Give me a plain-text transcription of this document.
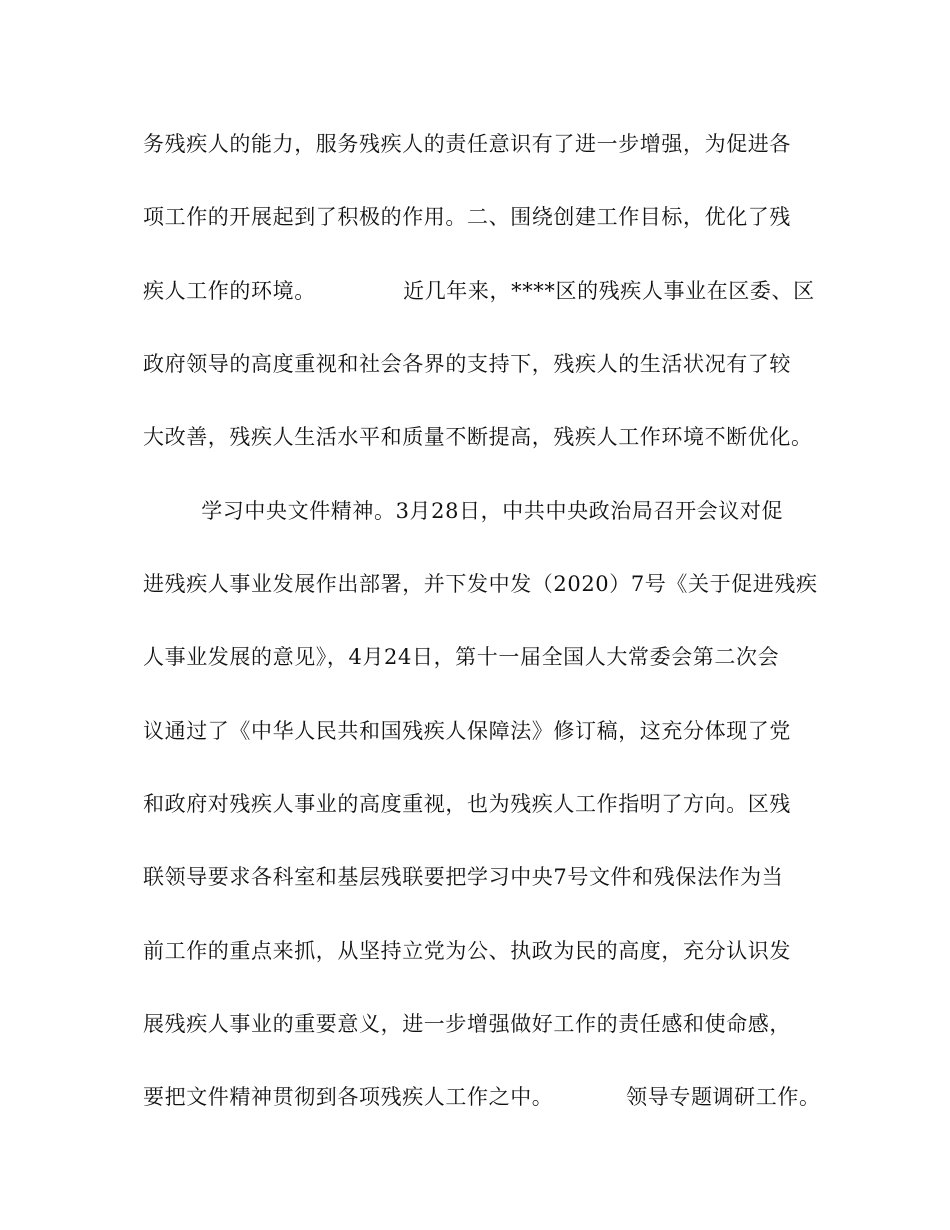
务残疾人的能力，服务残疾人的责任意识有了进一步增强，为促进各
项工作的开展起到了积极的作用。二、围绕创建工作目标，优化了残
疾人工作的环境。            近几年来，****区的残疾人事业在区委、区
政府领导的高度重视和社会各界的支持下，残疾人的生活状况有了较
大改善，残疾人生活水平和质量不断提高，残疾人工作环境不断优化。
学习中央文件精神。3月28日，中共中央政治局召开会议对促
进残疾人事业发展作出部署，并下发中发（2020）7号《关于促进残疾
人事业发展的意见》，4月24日，第十一届全国人大常委会第二次会
议通过了《中华人民共和国残疾人保障法》修订稿，这充分体现了党
和政府对残疾人事业的高度重视，也为残疾人工作指明了方向。区残
联领导要求各科室和基层残联要把学习中央7号文件和残保法作为当
前工作的重点来抓，从坚持立党为公、执政为民的高度，充分认识发
展残疾人事业的重要意义，进一步增强做好工作的责任感和使命感，
要把文件精神贯彻到各项残疾人工作之中。          领导专题调研工作。
